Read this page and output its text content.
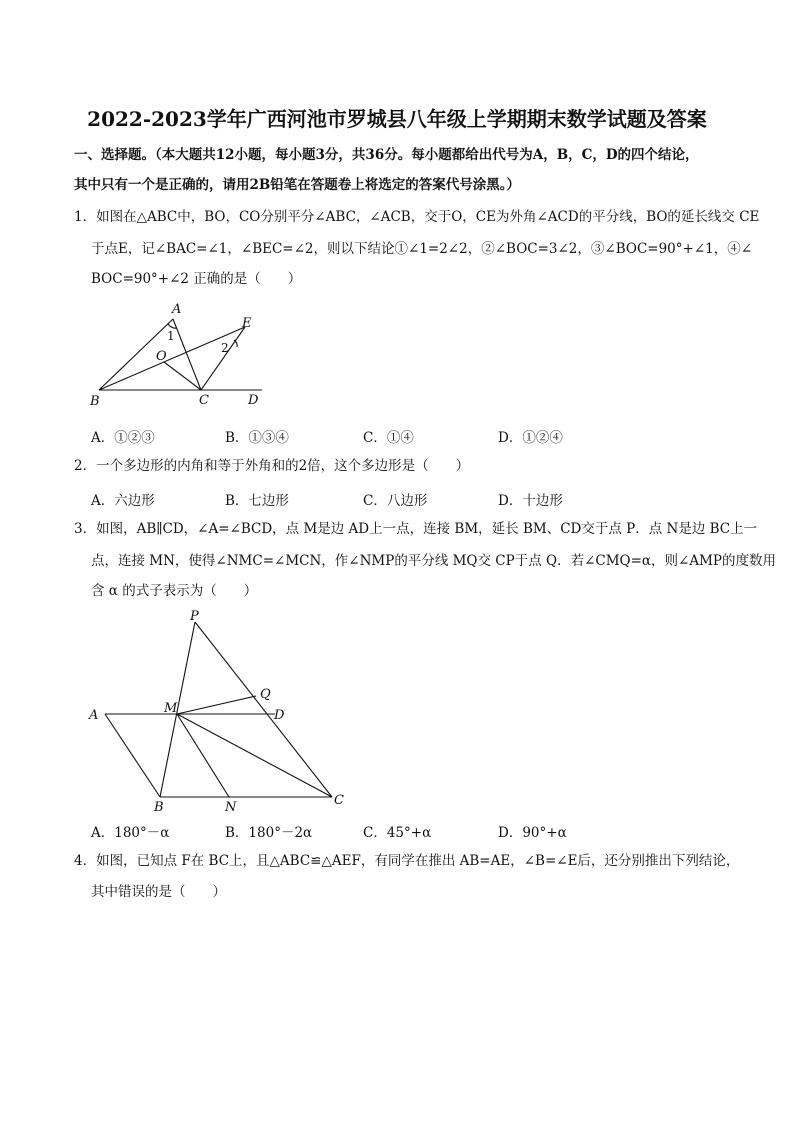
2022-2023学年广西河池市罗城县八年级上学期期末数学试题及答案
一、选择题。（本大题共12小题，每小题3分，共36分。每小题都给出代号为A，B，C，D的四个结论，
其中只有一个是正确的，请用2B铅笔在答题卷上将选定的答案代号涂黑。）
1．如图在△ABC中，BO，CO分别平分∠ABC，∠ACB，交于O，CE为外角∠ACD的平分线，BO的延长线交 CE
于点E，记∠BAC=∠1，∠BEC=∠2，则以下结论①∠1=2∠2，②∠BOC=3∠2，③∠BOC=90°+∠1，④∠
BOC=90°+∠2 正确的是（　　）
A
B	C	D
E
O
1
2
A．①②③	B．①③④	C．①④	D．①②④
2．一个多边形的内角和等于外角和的2倍，这个多边形是（　　）
A．六边形	B．七边形	C．八边形	D．十边形
3．如图，AB∥CD，∠A=∠BCD，点 M是边 AD上一点，连接 BM，延长 BM、CD交于点 P．点 N是边 BC上一
点，连接 MN，使得∠NMC=∠MCN，作∠NMP的平分线 MQ交 CP于点 Q．若∠CMQ=α，则∠AMP的度数用
含 α 的式子表示为（　　）
P
Q
A	M	D
B	N	C
A．180°－α	B．180°－2α	C．45°+α	D．90°+α
4．如图，已知点 F在 BC上，且△ABC≌△AEF，有同学在推出 AB=AE，∠B=∠E后，还分别推出下列结论，
其中错误的是（　　）
